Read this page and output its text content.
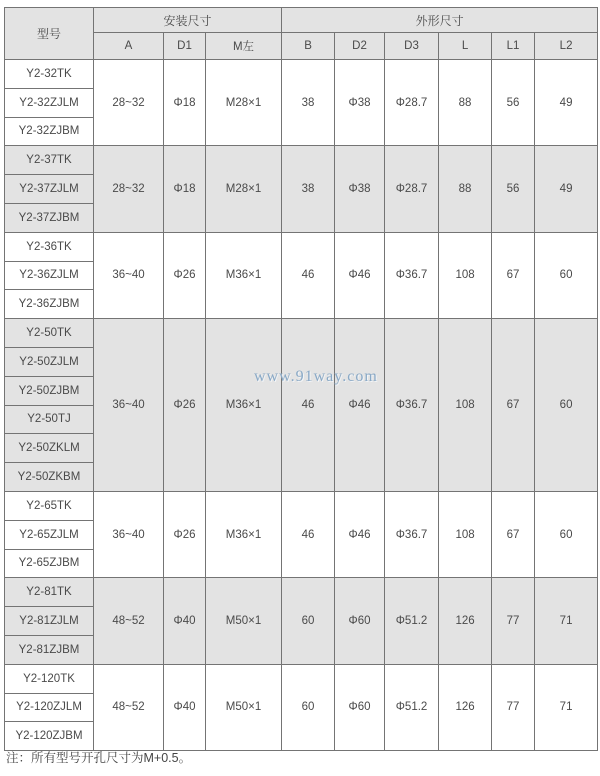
型号	安装尺寸			外形尺寸					
	A	D1	M左	B	D2	D3	L	L1	L2
Y2-32TK	28~32	Φ18	M28×1	38	Φ38	Φ28.7	88	56	49
Y2-32ZJLM									
Y2-32ZJBM									
Y2-37TK	28~32	Φ18	M28×1	38	Φ38	Φ28.7	88	56	49
Y2-37ZJLM									
Y2-37ZJBM									
Y2-36TK	36~40	Φ26	M36×1	46	Φ46	Φ36.7	108	67	60
Y2-36ZJLM									
Y2-36ZJBM									
Y2-50TK	36~40	Φ26	M36×1	46	Φ46	Φ36.7	108	67	60
Y2-50ZJLM									
Y2-50ZJBM									
Y2-50TJ									
Y2-50ZKLM									
Y2-50ZKBM									
Y2-65TK	36~40	Φ26	M36×1	46	Φ46	Φ36.7	108	67	60
Y2-65ZJLM									
Y2-65ZJBM									
Y2-81TK	48~52	Φ40	M50×1	60	Φ60	Φ51.2	126	77	71
Y2-81ZJLM									
Y2-81ZJBM									
Y2-120TK	48~52	Φ40	M50×1	60	Φ60	Φ51.2	126	77	71
Y2-120ZJLM									
Y2-120ZJBM									
www.91way.com
注：所有型号开孔尺寸为M+0.5。
